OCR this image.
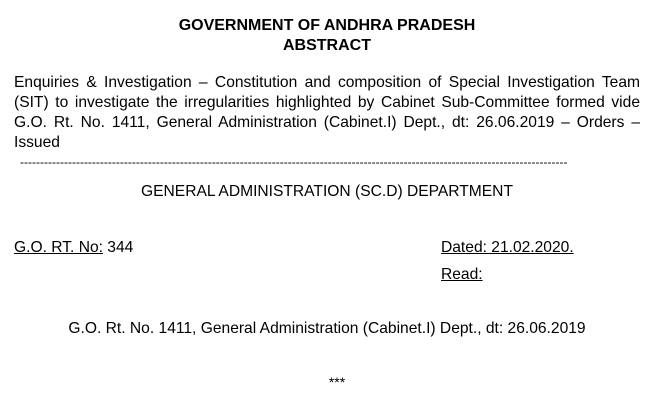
GOVERNMENT OF ANDHRA PRADESH
ABSTRACT
Enquiries & Investigation – Constitution and composition of Special Investigation Team (SIT) to investigate the irregularities highlighted by Cabinet Sub-Committee formed vide G.O. Rt. No. 1411, General Administration (Cabinet.I) Dept., dt: 26.06.2019 – Orders – Issued
-----------------------------------------------------------------------------------------------------------------------------------------
GENERAL ADMINISTRATION (SC.D) DEPARTMENT
G.O. RT. No: 344	Dated: 21.02.2020.
Read:
G.O. Rt. No. 1411, General Administration (Cabinet.I) Dept., dt: 26.06.2019
***
